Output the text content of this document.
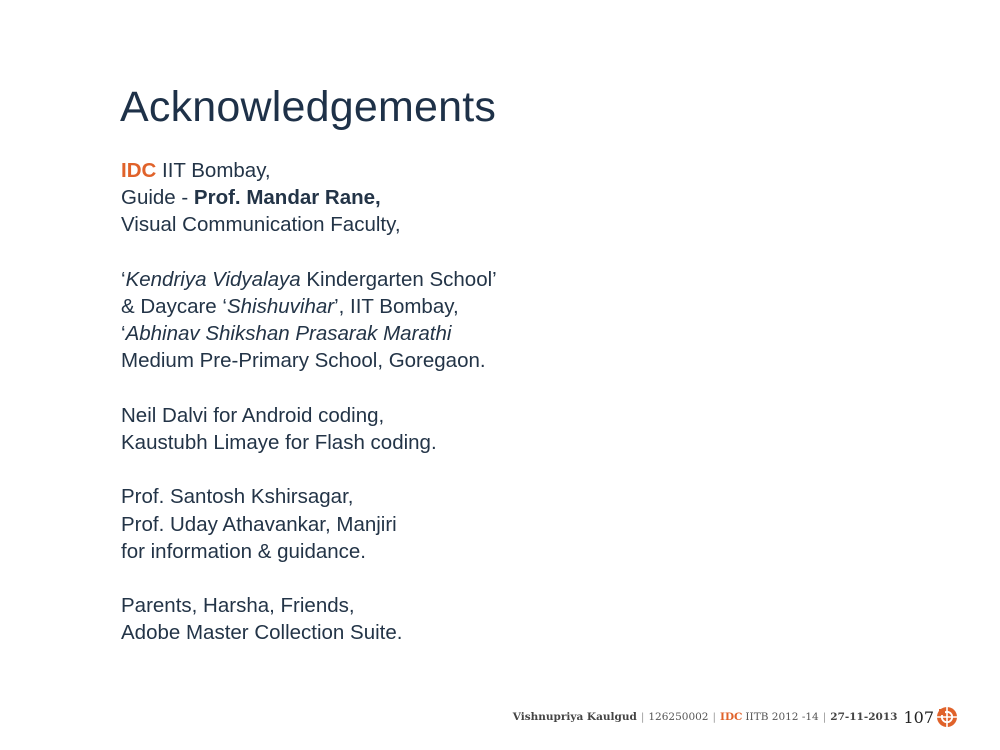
Acknowledgements
IDC IIT Bombay,
Guide - Prof. Mandar Rane,
Visual Communication Faculty,
‘Kendriya Vidyalaya Kindergarten School’
& Daycare ‘Shishuvihar’, IIT Bombay,
‘Abhinav Shikshan Prasarak Marathi
Medium Pre-Primary School, Goregaon.
Neil Dalvi for Android coding,
Kaustubh Limaye for Flash coding.
Prof. Santosh Kshirsagar,
Prof. Uday Athavankar, Manjiri
for information & guidance.
Parents, Harsha, Friends,
Adobe Master Collection Suite.
Vishnupriya Kaulgud | 126250002 | IDC IITB 2012 -14 | 27-11-2013 107
